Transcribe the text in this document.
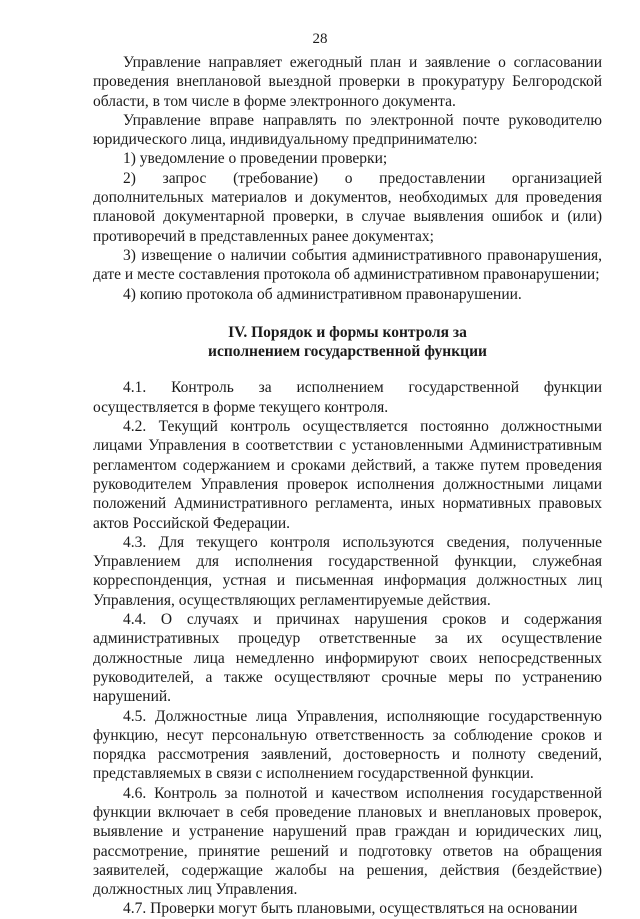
28

Управление направляет ежегодный план и заявление о согласовании проведения внеплановой выездной проверки в прокуратуру Белгородской области, в том числе в форме электронного документа.

Управление вправе направлять по электронной почте руководителю юридического лица, индивидуальному предпринимателю:

1) уведомление о проведении проверки;

2) запрос (требование) о предоставлении организацией дополнительных материалов и документов, необходимых для проведения плановой документарной проверки, в случае выявления ошибок и (или) противоречий в представленных ранее документах;

3) извещение о наличии события административного правонарушения, дате и месте составления протокола об административном правонарушении;

4) копию протокола об административном правонарушении.

IV. Порядок и формы контроля за
исполнением государственной функции

4.1. Контроль за исполнением государственной функции осуществляется в форме текущего контроля.

4.2. Текущий контроль осуществляется постоянно должностными лицами Управления в соответствии с установленными Административным регламентом содержанием и сроками действий, а также путем проведения руководителем Управления проверок исполнения должностными лицами положений Административного регламента, иных нормативных правовых актов Российской Федерации.

4.3. Для текущего контроля используются сведения, полученные Управлением для исполнения государственной функции, служебная корреспонденция, устная и письменная информация должностных лиц Управления, осуществляющих регламентируемые действия.

4.4. О случаях и причинах нарушения сроков и содержания административных процедур ответственные за их осуществление должностные лица немедленно информируют своих непосредственных руководителей, а также осуществляют срочные меры по устранению нарушений.

4.5. Должностные лица Управления, исполняющие государственную функцию, несут персональную ответственность за соблюдение сроков и порядка рассмотрения заявлений, достоверность и полноту сведений, представляемых в связи с исполнением государственной функции.

4.6. Контроль за полнотой и качеством исполнения государственной функции включает в себя проведение плановых и внеплановых проверок, выявление и устранение нарушений прав граждан и юридических лиц, рассмотрение, принятие решений и подготовку ответов на обращения заявителей, содержащие жалобы на решения, действия (бездействие) должностных лиц Управления.

4.7. Проверки могут быть плановыми, осуществляться на основании
